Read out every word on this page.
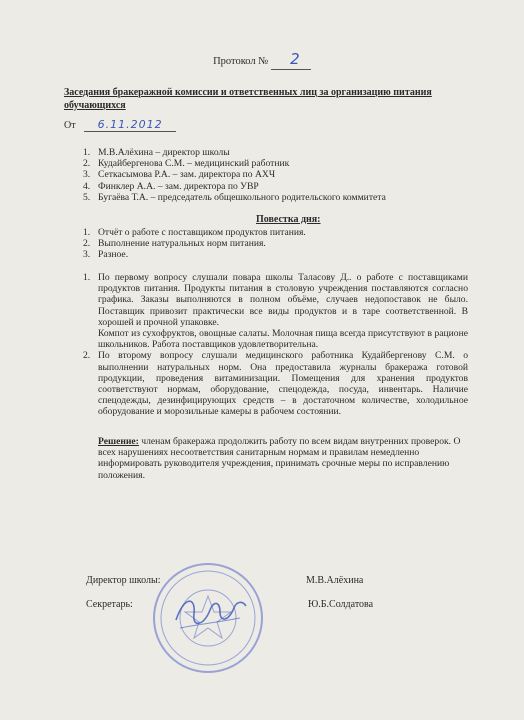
Протокол № 2
Заседания бракеражной комиссии и ответственных лиц за организацию питания обучающихся
От 6.11.2012
1. М.В.Алёхина – директор школы
2. Кудайбергенова С.М. – медицинский работник
3. Сеткасымова Р.А. – зам. директора по АХЧ
4. Финклер А.А. – зам. директора по УВР
5. Бугаёва Т.А. – председатель общешкольного родительского коммитета
Повестка дня:
1. Отчёт о работе с поставщиком продуктов питания.
2. Выполнение натуральных норм питания.
3. Разное.
1. По первому вопросу слушали повара школы Таласову Д.. о работе с поставщиками продуктов питания. Продукты питания в столовую учреждения поставляются согласно графика. Заказы выполняются в полном объёме, случаев недопоставок не было. Поставщик привозит практически все виды продуктов и в таре соответственной. В хорошей и прочной упаковке.
Компот из сухофруктов, овощные салаты. Молочная пища всегда присутствуют в рационе школьников. Работа поставщиков удовлетворительна.
2. По второму вопросу слушали медицинского работника Кудайбергенову С.М. о выполнении натуральных норм. Она предоставила журналы бракеража готовой продукции, проведения витаминизации. Помещения для хранения продуктов соответствуют нормам, оборудование, спецодежда, посуда, инвентарь. Наличие спецодежды, дезинфицирующих средств – в достаточном количестве, холодильное оборудование и морозильные камеры в рабочем состоянии.
Решение: членам бракеража продолжить работу по всем видам внутренних проверок. О всех нарушениях несоответствия санитарным нормам и правилам немедленно информировать руководителя учреждения, принимать срочные меры по исправлению положения.
Директор школы:	М.В.Алёхина
Секретарь:	Ю.Б.Солдатова
